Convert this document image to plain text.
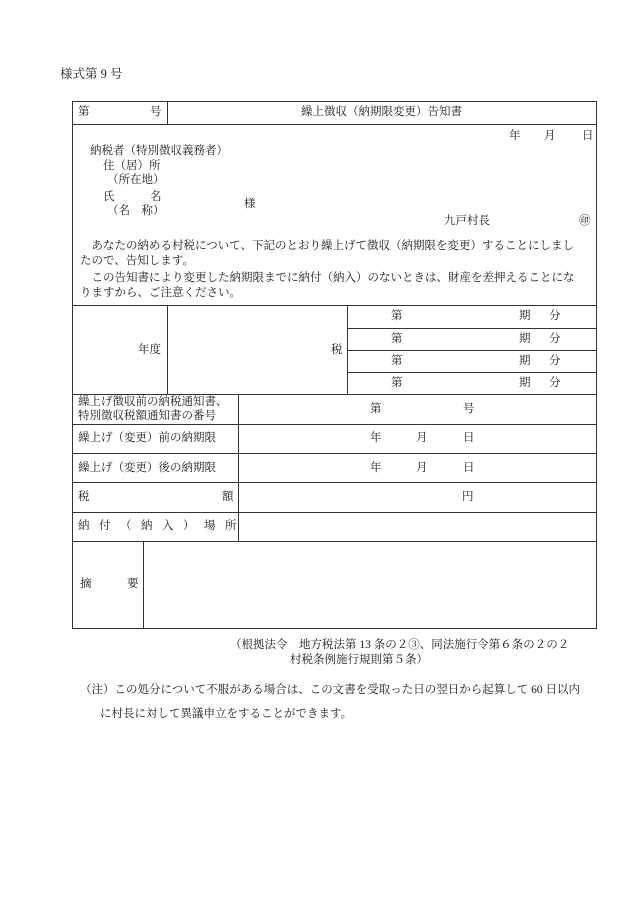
様式第 9 号
第	号	繰上徴収（納期限変更）告知書
年 月 日
納税者（特別徴収義務者）
住（居）所
（所在地）
氏	名
（名　称）
様
九戸村長	㊞
　あなたの納める村税について、下記のとおり繰上げて徴収（納期限を変更）することにしまし
たので、告知します。
　この告知書により変更した納期限までに納付（納入）のないときは、財産を差押えることにな
りますから、ご注意ください。
年度	税
第	期 分
第	期 分
第	期 分
第	期 分
繰上げ徴収前の納税通知書、
特別徴収税額通知書の番号
第	号
繰上げ（変更）前の納期限	年	月	日
繰上げ（変更）後の納期限	年	月	日
税	額	円
納付（納入）場所
摘	要
（根拠法令　地方税法第 13 条の２③、同法施行令第６条の２の２
村税条例施行規則第５条）
（注）この処分について不服がある場合は、この文書を受取った日の翌日から起算して 60 日以内
に村長に対して異議申立をすることができます。
